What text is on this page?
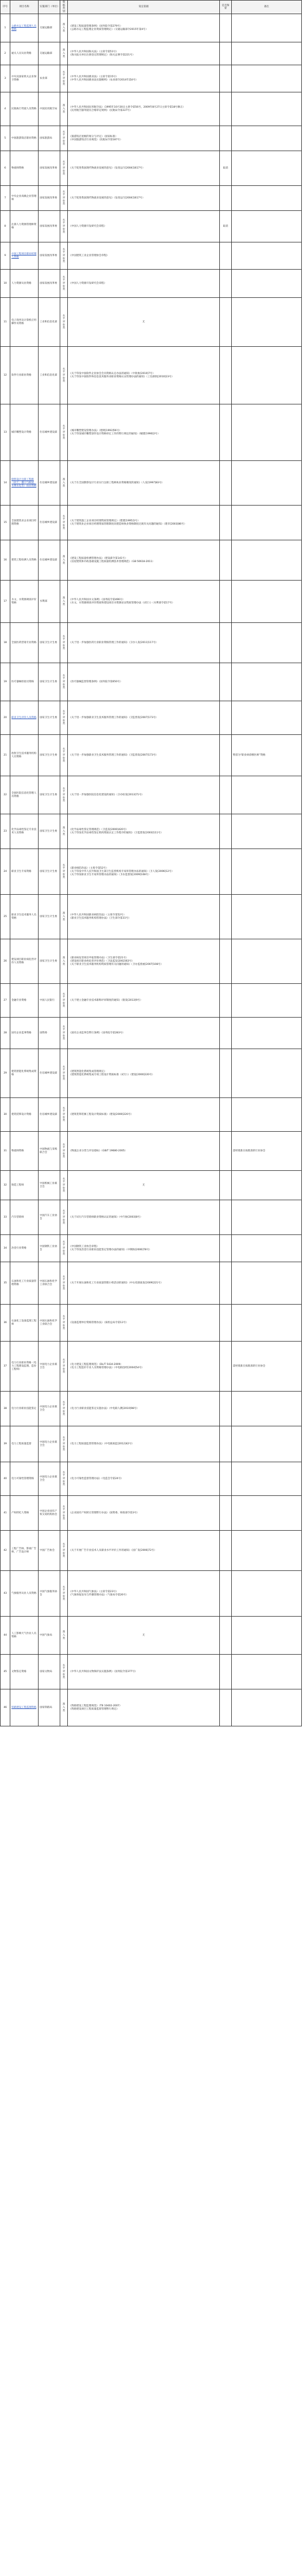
序号	项目名称	实施部门（单位）	资格类别	设定依据	是否保留	备注
1	公路水运工程监理人员资格	交通运输部	准入类	《建设工程质量管理条例》（国务院令第279号）
《公路水运工程监理企业资质管理规定》（交通运输部令2015年第4号）		

2	通关人员从业资格	交通运输部	准入类	《中华人民共和国海关法》（主席令第51号）
《海关报关单位注册登记管理规定》（海关总署令第221号）		

3	中央及国家机关企业保卫资格	农业部	水平评价类	《中华人民共和国渔业法》（主席令第15号）
《中华人民共和国渔业法实施细则》（农业部令2014年第4号）		

4	民航执行驾驶人员资格	中国民用航空局	准入类	《中华人民共和国民用航空法》（1995年10月30日主席令第56号，2009年8月27日主席令第18号修正）
《民用航空器驾驶员合格审定规则》（民航局令第227号）		

5	中国旅游饭店职业资格	国家旅游局	水平评价类	《旅游饭店星级的划分与评定》（国家标准）
《中国旅游饭店行业规范》（民航局令第187号）		

6	物流师资格	国家发展改革委	水平评价类	《关于促进我国现代物流业发展的意见》（发改运行[2004]1617号）	取消	
7	中央企业高级企业管理师	国家发展改革委	水平评价类	《关于促进我国现代物流业发展的意见》（发改运行[2004]1617号）		

8	注册人力资源管理师资格	国家发展改革委	水平评价类	《中国人力资源开发研究会章程》	取消	
9	中国工程项目职业经理人资格	国家发展改革委	水平评价类	《中国建筑工业企业管理协会章程》		

10	人力资源从业资格	国家发展改革委	水平评价类	《中国人力资源开发研究会章程》		

11	电子商务及计算机应用操作员资格	工业和信息化部	水平评价类	无		

12	软件行业职业资格	工业和信息化部	水平评价类	《关于印发中国软件企业协会会员资格认定办法的通知》（中软协[2010]7号）
《关于印发中国软件和信息技术服务业职业资格认证管理办法的通知》（工信部软[2010]23号）		

13	城市雕塑设计资格	住房城乡建设部	水平评价类	《城市雕塑建设管理办法》（建规[1993]56号）
《关于印发城市雕塑创作设计资格审定工作的暂行规定的通知》（城建[1990]2号）		

14	勘察设计注册工程师（岩土、港口与航道、水利水电等）执业资格	住房城乡建设部	准入类	《关于在全国勘察设计行业实行注册工程师执业资格制度的通知》（人发[1997]83号）		

15	全国建筑业企业项目经理资格	住房城乡建设部	水平评价类	《关于建筑施工企业项目经理资质管理规定》（建建[1995]1号）
《关于建筑业企业项目经理资质管理制度向建造师执业资格制度过渡有关问题的通知》（建市[2003]86号）		

16	建筑工程检测人员资格	住房城乡建设部	准入类	《建设工程质量检测管理办法》（建设部令第141号）
《房屋建筑和市政基础设施工程质量检测技术管理规范》（GB 50618-2011）		

17	水文、水资源调查评价资格	水利部	准入类	《中华人民共和国水文条例》（国务院令第496号）
《水文、水资源调查评价资质和建设项目水资源论证资质管理办法（试行）》（水利部令第17号）		

18	全国医药营销专业资格	国家卫生计生委	水平评价类	《关于进一步加强医药行业职业资格管理工作的通知》（卫办人发[2011]117号）		

19	医疗器械检验员资格	国家卫生计生委	水平评价类	《医疗器械监督管理条例》（国务院令第650号）		

20	职业卫生评价人员资格	国家卫生计生委	水平评价类	《关于进一步加强职业卫生技术服务管理工作的通知》（卫监督发[2007]173号）		

21	放射卫生技术服务机构人员资格	国家卫生计生委	水平评价类	《关于进一步加强职业卫生技术服务管理工作的通知》（卫监督发[2007]173号）		暂留为“职业病诊断医师”资格
22	全国医院信息化管理人员资格	国家卫生计生委	水平评价类	《关于进一步加强医院信息化建设的通知》（卫办综发[2013]71号）		

23	化学品毒性鉴定专业技术人员资格	国家卫生计生委	准入类	《化学品毒性鉴定管理规范》（卫监发[2000]420号）
《关于印发化学品毒性鉴定机构资质认定工作程序的通知》（卫监督发[2003]111号）		

24	职业卫生专家资格	国家卫生计生委	水平评价类	《职业病防治法》（主席令第52号）
《关于印发中华人民共和国卫生部卫生监督机构专家库管理办法的通知》（卫人发[2006]12号）
《关于印发职业卫生专家库管理办法的通知》（卫办监督发[2009]108号）		

25	职业卫生技术服务人员资格	国家卫生计生委	准入类	《中华人民共和国职业病防治法》（主席令第52号）
《职业卫生技术服务机构管理办法》（卫生部令第31号）		

26	建设项目职业病危害评价人员资格	国家卫生计生委	准入类	《职业病危害项目申报管理办法》（卫生部令第21号）
《建设项目职业病危害评价规范》（卫法监发[2002]63号）
《关于职业卫生技术服务机构资质管理有关问题的通知》（卫办监督函[2007]108号）		

27	金融专业资格	中国人民银行	水平评价类	《关于建立金融专业技术职称评审制度的通知》（银发[2013]9号）		

28	国有企业监事资格	国资委	水平评价类	《国有企业监事会暂行条例》（国务院令第283号）		

29	建筑智能化系统集成资格	住房城乡建设部	水平评价类	《建筑智能化系统集成管理规定》
《建筑智能化系统集成专项工程设计资质标准（试行）》（建设[2000]220号）		

30	建筑装饰设计资格	住房城乡建设部	水平评价类	《建筑装饰装修工程设计资质标准》（建设[2000]220号）		

31	物流师资格	中国物流与采购联合会	水平评价类	《物流企业分类与评估指标》（GB/T 19680-2005）		需经批准在按批准的行业协会
32	铸造工程师	中国机械工业联合会	水平评价类	无		

33	汽车营销师	中国汽车工业协会	水平评价类	《关于试行汽车营销师职业资格认证的通知》（中汽协[2003]8号）		

34	冶金行业资格	中国钢铁工业协会	水平评价类	《中国钢铁工业协会章程》
《关于印发冶金行业职业技能鉴定管理办法的通知》（中钢协[2006]78号）		

35	石油和化工行业质量管理资格	中国石油和化学工业联合会	水平评价类	《关于开展石油和化工行业质量管理小组活动的通知》（中石化联质发[2009]221号）		

36	石油化工设备监理工程师	中国石油和化学工业联合会	水平评价类	《设备监理单位资格管理办法》（质检总局令第12号）		

37	电力行业职业资格（电力工程建设监理、造价工程师）	中国电力企业联合会	水平评价类	《电力建设工程监理规范》（DL/T 5434-2009）
《电力工程造价专业人员资格管理办法》（中电联技经[2004]54号）		需经批准在按批准的行业协会
38	电力行业职业技能鉴定	中国电力企业联合会	水平评价类	《电力行业职业技能鉴定实施办法》（中电联人教[2010]98号）		

39	电力工程质量监督	中国电力企业联合会	水平评价类	《电力工程质量监督管理办法》（中电联质监[2012]42号）		

40	电力可靠性管理资格	中国电力企业联合会	水平评价类	《电力可靠性监督管理办法》（电监会令第24号）		

41	产权经纪人资格	中国企业国有产权交易机构协会	水平评价类	《企业国有产权转让管理暂行办法》（国资委、财政部令第3号）		

42	工程广告师、影视广告师、广告设计师	中国广告协会	水平评价类	《关于开展广告专业技术人员职业水平评价工作的通知》（国广发[2006]72号）		

43	气象服务从业人员资格	中国气象服务协会	水平评价类	《中华人民共和国气象法》（主席令第23号）
《气象预报发布与传播管理办法》（气象局令第26号）		

44	人工影响天气作业人员资格	中国气象局	准入类	无		

45	文物鉴定资格	国家文物局	水平评价类	《中华人民共和国文物保护法实施条例》（国务院令第377号）		

46	铁路建设工程监理资格	国家铁路局	准入类	《铁路建设工程监理规范》（TB 10402-2007）
《铁路建设项目工程质量监督管理暂行规定》		
